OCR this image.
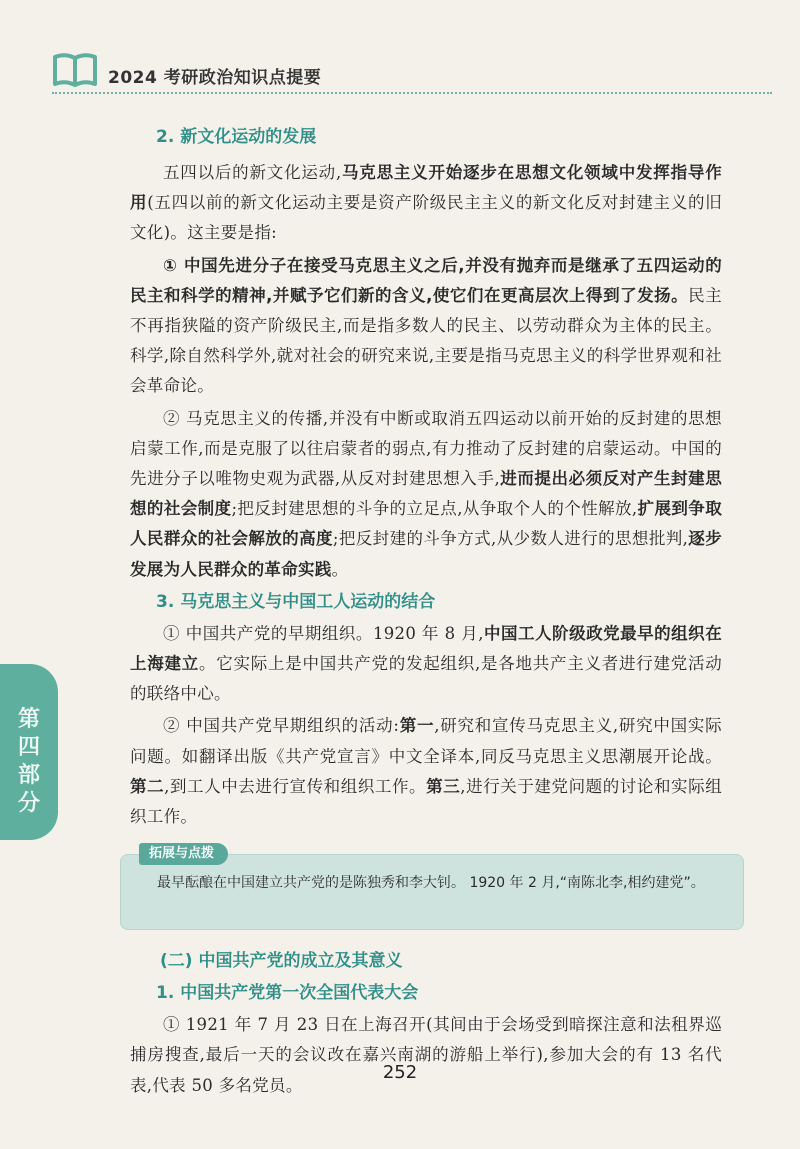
2024 考研政治知识点提要
2. 新文化运动的发展

五四以后的新文化运动,马克思主义开始逐步在思想文化领域中发挥指导作用(五四以前的新文化运动主要是资产阶级民主主义的新文化反对封建主义的旧文化)。这主要是指:

① 中国先进分子在接受马克思主义之后,并没有抛弃而是继承了五四运动的民主和科学的精神,并赋予它们新的含义,使它们在更高层次上得到了发扬。民主不再指狭隘的资产阶级民主,而是指多数人的民主、以劳动群众为主体的民主。科学,除自然科学外,就对社会的研究来说,主要是指马克思主义的科学世界观和社会革命论。

② 马克思主义的传播,并没有中断或取消五四运动以前开始的反封建的思想启蒙工作,而是克服了以往启蒙者的弱点,有力推动了反封建的启蒙运动。中国的先进分子以唯物史观为武器,从反对封建思想入手,进而提出必须反对产生封建思想的社会制度;把反封建思想的斗争的立足点,从争取个人的个性解放,扩展到争取人民群众的社会解放的高度;把反封建的斗争方式,从少数人进行的思想批判,逐步发展为人民群众的革命实践。

3. 马克思主义与中国工人运动的结合

① 中国共产党的早期组织。1920 年 8 月,中国工人阶级政党最早的组织在上海建立。它实际上是中国共产党的发起组织,是各地共产主义者进行建党活动的联络中心。

② 中国共产党早期组织的活动:第一,研究和宣传马克思主义,研究中国实际问题。如翻译出版《共产党宣言》中文全译本,同反马克思主义思潮展开论战。第二,到工人中去进行宣传和组织工作。第三,进行关于建党问题的讨论和实际组织工作。

拓展与点拨
最早酝酿在中国建立共产党的是陈独秀和李大钊。 1920 年 2 月,“南陈北李,相约建党”。
(二) 中国共产党的成立及其意义
1. 中国共产党第一次全国代表大会

① 1921 年 7 月 23 日在上海召开(其间由于会场受到暗探注意和法租界巡捕房搜查,最后一天的会议改在嘉兴南湖的游船上举行),参加大会的有 13 名代表,代表 50 多名党员。

第四部分
252
